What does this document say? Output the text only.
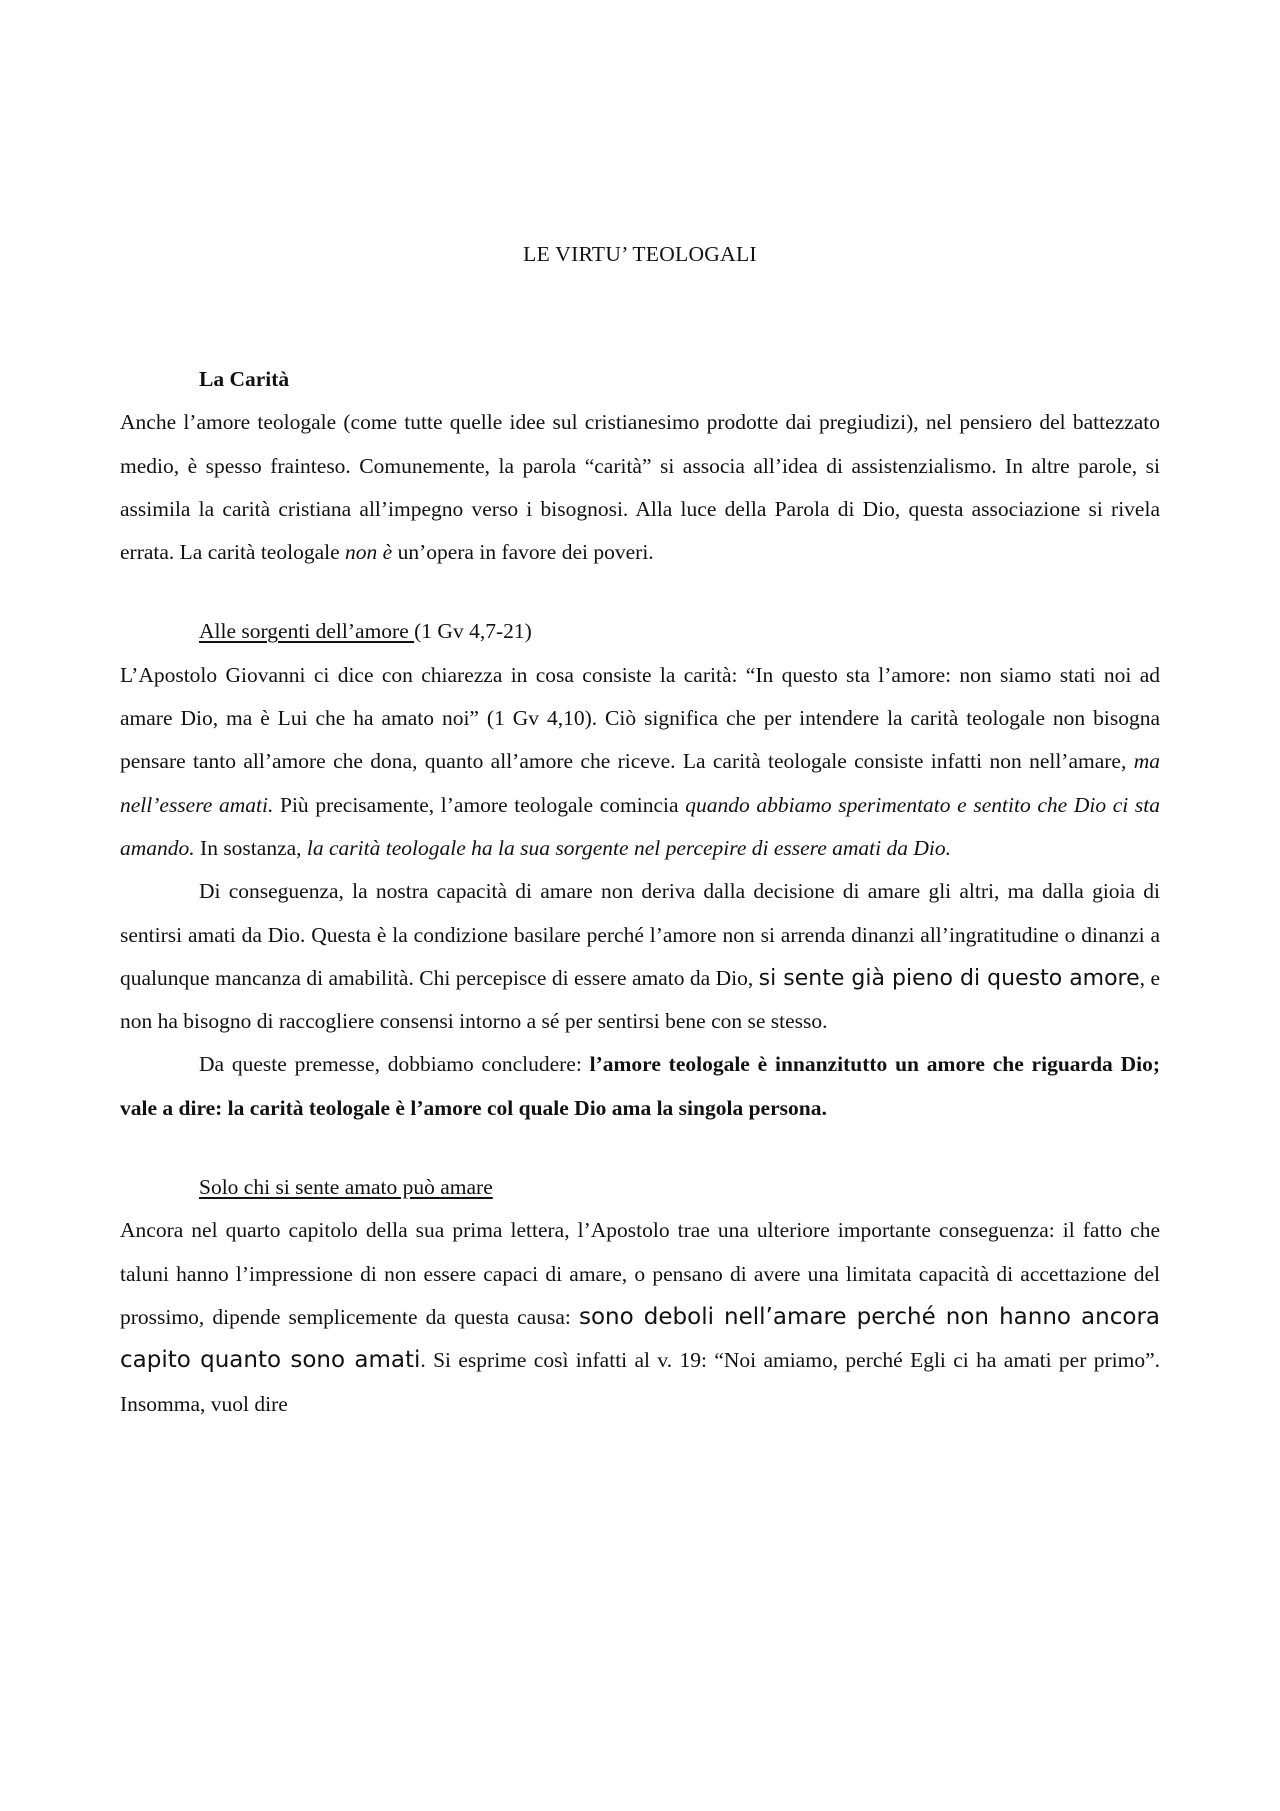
LE VIRTU’ TEOLOGALI

La Carità

Anche l’amore teologale (come tutte quelle idee sul cristianesimo prodotte dai pregiudizi), nel pensiero del battezzato medio, è spesso frainteso. Comunemente, la parola “carità” si associa all’idea di assistenzialismo. In altre parole, si assimila la carità cristiana all’impegno verso i bisognosi. Alla luce della Parola di Dio, questa associazione si rivela errata. La carità teologale non è un’opera in favore dei poveri.

Alle sorgenti dell’amore (1 Gv 4,7-21)

L’Apostolo Giovanni ci dice con chiarezza in cosa consiste la carità: “In questo sta l’amore: non siamo stati noi ad amare Dio, ma è Lui che ha amato noi” (1 Gv 4,10). Ciò significa che per intendere la carità teologale non bisogna pensare tanto all’amore che dona, quanto all’amore che riceve. La carità teologale consiste infatti non nell’amare, ma nell’essere amati. Più precisamente, l’amore teologale comincia quando abbiamo sperimentato e sentito che Dio ci sta amando. In sostanza, la carità teologale ha la sua sorgente nel percepire di essere amati da Dio.

Di conseguenza, la nostra capacità di amare non deriva dalla decisione di amare gli altri, ma dalla gioia di sentirsi amati da Dio. Questa è la condizione basilare perché l’amore non si arrenda dinanzi all’ingratitudine o dinanzi a qualunque mancanza di amabilità. Chi percepisce di essere amato da Dio, si sente già pieno di questo amore, e non ha bisogno di raccogliere consensi intorno a sé per sentirsi bene con se stesso.

Da queste premesse, dobbiamo concludere: l’amore teologale è innanzitutto un amore che riguarda Dio; vale a dire: la carità teologale è l’amore col quale Dio ama la singola persona.

Solo chi si sente amato può amare

Ancora nel quarto capitolo della sua prima lettera, l’Apostolo trae una ulteriore importante conseguenza: il fatto che taluni hanno l’impressione di non essere capaci di amare, o pensano di avere una limitata capacità di accettazione del prossimo, dipende semplicemente da questa causa: sono deboli nell’amare perché non hanno ancora capito quanto sono amati. Si esprime così infatti al v. 19: “Noi amiamo, perché Egli ci ha amati per primo”. Insomma, vuol dire
